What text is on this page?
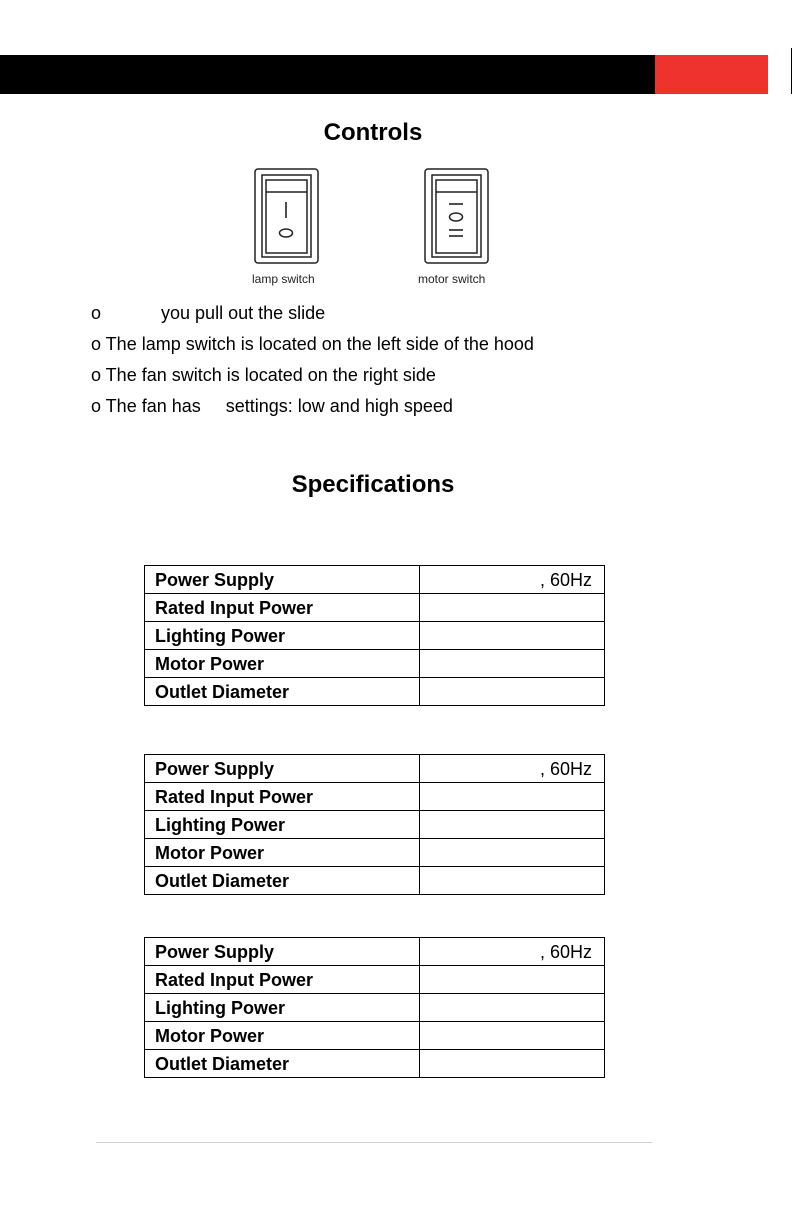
Controls
lamp switch	motor switch
o            you pull out the slide
o The lamp switch is located on the left side of the hood
o The fan switch is located on the right side
o The fan has     settings: low and high speed
Specifications
Power Supply	, 60Hz
Rated Input Power	
Lighting Power	
Motor Power	
Outlet Diameter	
Power Supply	, 60Hz
Rated Input Power	
Lighting Power	
Motor Power	
Outlet Diameter	
Power Supply	, 60Hz
Rated Input Power	
Lighting Power	
Motor Power	
Outlet Diameter	
